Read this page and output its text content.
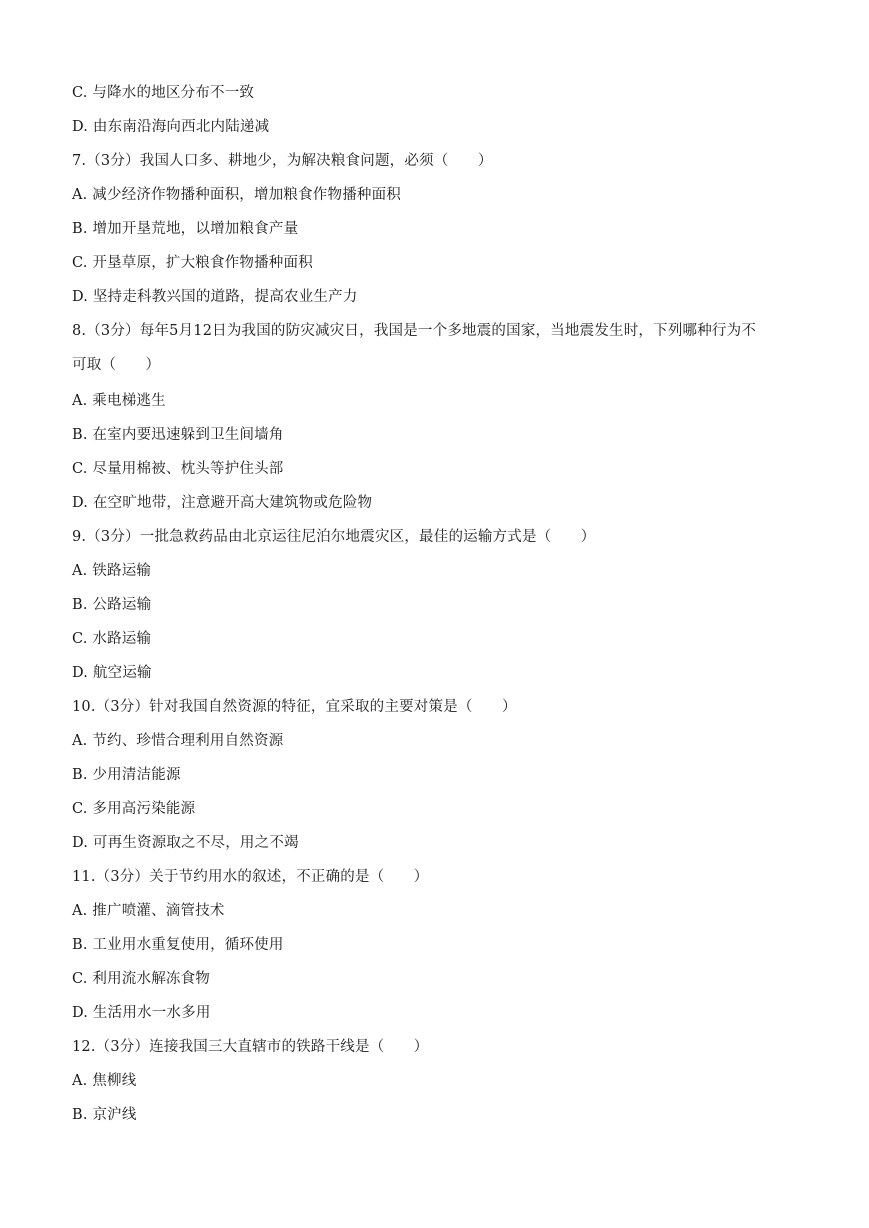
C. 与降水的地区分布不一致
D. 由东南沿海向西北内陆递减
7.（3分）我国人口多、耕地少，为解决粮食问题，必须（　　）
A. 减少经济作物播种面积，增加粮食作物播种面积
B. 增加开垦荒地，以增加粮食产量
C. 开垦草原，扩大粮食作物播种面积
D. 坚持走科教兴国的道路，提高农业生产力
8.（3分）每年5月12日为我国的防灾减灾日，我国是一个多地震的国家，当地震发生时，下列哪种行为不
可取（　　）
A. 乘电梯逃生
B. 在室内要迅速躲到卫生间墙角
C. 尽量用棉被、枕头等护住头部
D. 在空旷地带，注意避开高大建筑物或危险物
9.（3分）一批急救药品由北京运往尼泊尔地震灾区，最佳的运输方式是（　　）
A. 铁路运输
B. 公路运输
C. 水路运输
D. 航空运输
10.（3分）针对我国自然资源的特征，宜采取的主要对策是（　　）
A. 节约、珍惜合理利用自然资源
B. 少用清洁能源
C. 多用高污染能源
D. 可再生资源取之不尽，用之不竭
11.（3分）关于节约用水的叙述，不正确的是（　　）
A. 推广喷灌、滴管技术
B. 工业用水重复使用，循环使用
C. 利用流水解冻食物
D. 生活用水一水多用
12.（3分）连接我国三大直辖市的铁路干线是（　　）
A. 焦柳线
B. 京沪线
